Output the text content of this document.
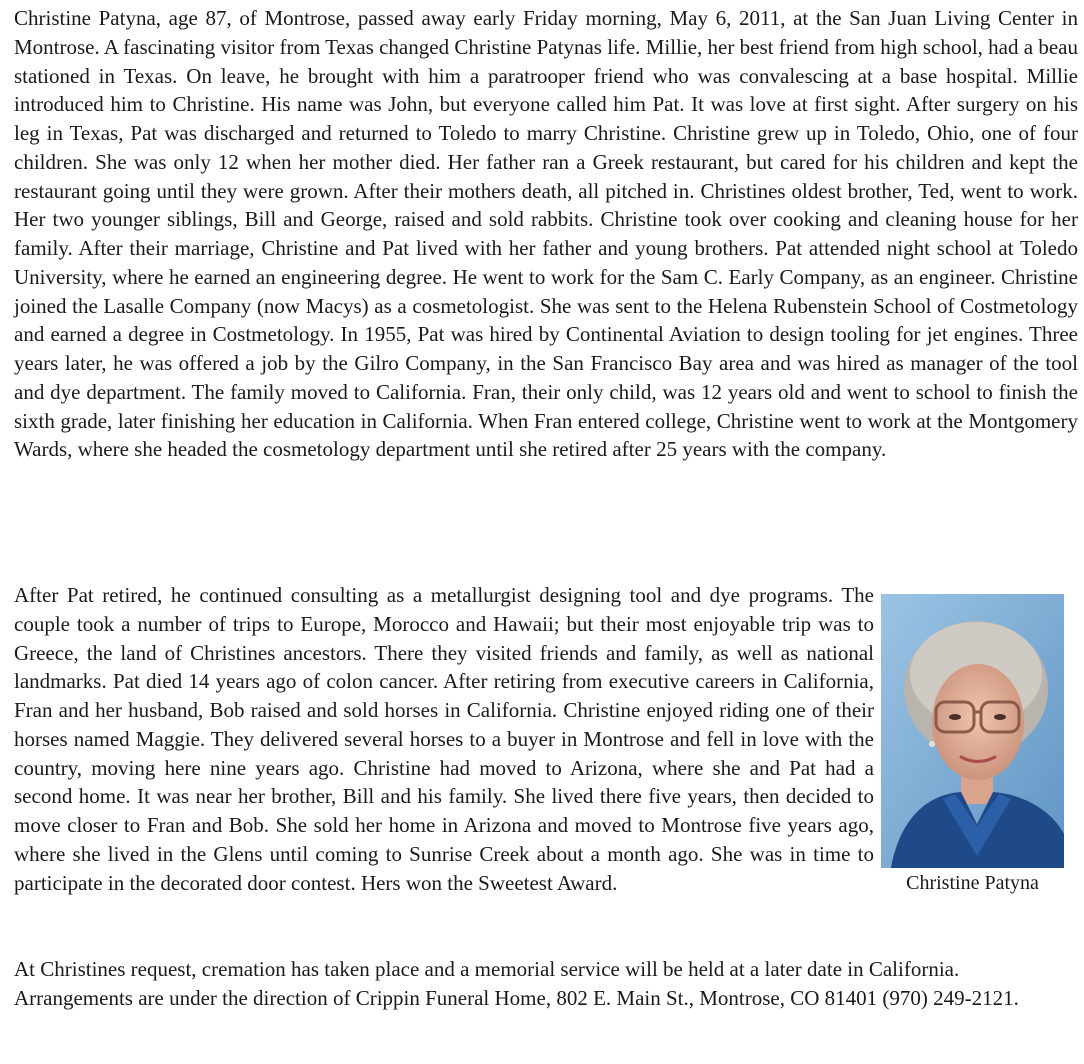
Christine Patyna, age 87, of Montrose, passed away early Friday morning, May 6, 2011, at the San Juan Living Center in Montrose. A fascinating visitor from Texas changed Christine Patynas life. Millie, her best friend from high school, had a beau stationed in Texas. On leave, he brought with him a paratrooper friend who was convalescing at a base hospital. Millie introduced him to Christine. His name was John, but everyone called him Pat. It was love at first sight. After surgery on his leg in Texas, Pat was discharged and returned to Toledo to marry Christine. Christine grew up in Toledo, Ohio, one of four children. She was only 12 when her mother died. Her father ran a Greek restaurant, but cared for his children and kept the restaurant going until they were grown. After their mothers death, all pitched in. Christines oldest brother, Ted, went to work. Her two younger siblings, Bill and George, raised and sold rabbits. Christine took over cooking and cleaning house for her family. After their marriage, Christine and Pat lived with her father and young brothers. Pat attended night school at Toledo University, where he earned an engineering degree. He went to work for the Sam C. Early Company, as an engineer. Christine joined the Lasalle Company (now Macys) as a cosmetologist. She was sent to the Helena Rubenstein School of Costmetology and earned a degree in Costmetology. In 1955, Pat was hired by Continental Aviation to design tooling for jet engines. Three years later, he was offered a job by the Gilro Company, in the San Francisco Bay area and was hired as manager of the tool and dye department. The family moved to California. Fran, their only child, was 12 years old and went to school to finish the sixth grade, later finishing her education in California. When Fran entered college, Christine went to work at the Montgomery Wards, where she headed the cosmetology department until she retired after 25 years with the company.

After Pat retired, he continued consulting as a metallurgist designing tool and dye programs. The couple took a number of trips to Europe, Morocco and Hawaii; but their most enjoyable trip was to Greece, the land of Christines ancestors. There they visited friends and family, as well as national landmarks. Pat died 14 years ago of colon cancer. After retiring from executive careers in California, Fran and her husband, Bob raised and sold horses in California. Christine enjoyed riding one of their horses named Maggie. They delivered several horses to a buyer in Montrose and fell in love with the country, moving here nine years ago. Christine had moved to Arizona, where she and Pat had a second home. It was near her brother, Bill and his family. She lived there five years, then decided to move closer to Fran and Bob. She sold her home in Arizona and moved to Montrose five years ago, where she lived in the Glens until coming to Sunrise Creek about a month ago. She was in time to participate in the decorated door contest. Hers won the Sweetest Award.	Christine Patyna

At Christines request, cremation has taken place and a memorial service will be held at a later date in California. Arrangements are under the direction of Crippin Funeral Home, 802 E. Main St., Montrose, CO 81401 (970) 249-2121.
